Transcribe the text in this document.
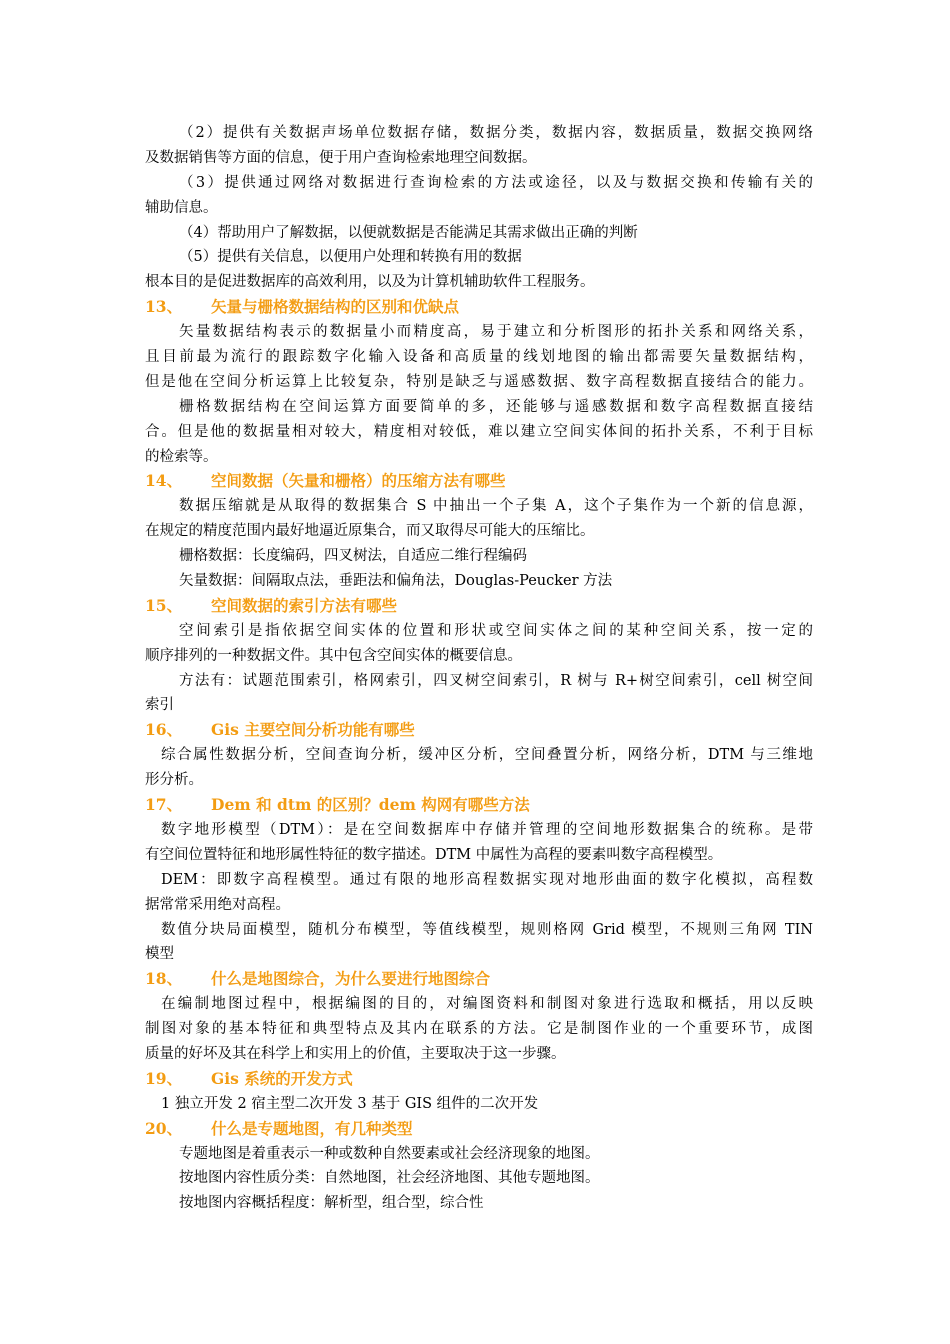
（2）提供有关数据声场单位数据存储，数据分类，数据内容，数据质量，数据交换网络
及数据销售等方面的信息，便于用户查询检索地理空间数据。
（3）提供通过网络对数据进行查询检索的方法或途径，以及与数据交换和传输有关的
辅助信息。
（4）帮助用户了解数据，以便就数据是否能满足其需求做出正确的判断
（5）提供有关信息，以便用户处理和转换有用的数据
根本目的是促进数据库的高效利用，以及为计算机辅助软件工程服务。
13、 矢量与栅格数据结构的区别和优缺点
矢量数据结构表示的数据量小而精度高，易于建立和分析图形的拓扑关系和网络关系，
且目前最为流行的跟踪数字化输入设备和高质量的线划地图的输出都需要矢量数据结构，
但是他在空间分析运算上比较复杂，特别是缺乏与遥感数据、数字高程数据直接结合的能力。
栅格数据结构在空间运算方面要简单的多，还能够与遥感数据和数字高程数据直接结
合。但是他的数据量相对较大，精度相对较低，难以建立空间实体间的拓扑关系，不利于目标
的检索等。
14、 空间数据（矢量和栅格）的压缩方法有哪些
数据压缩就是从取得的数据集合 S 中抽出一个子集 A，这个子集作为一个新的信息源，
在规定的精度范围内最好地逼近原集合，而又取得尽可能大的压缩比。
栅格数据：长度编码，四叉树法，自适应二维行程编码
矢量数据：间隔取点法，垂距法和偏角法，Douglas-Peucker 方法
15、 空间数据的索引方法有哪些
空间索引是指依据空间实体的位置和形状或空间实体之间的某种空间关系，按一定的
顺序排列的一种数据文件。其中包含空间实体的概要信息。
方法有：试题范围索引，格网索引，四叉树空间索引，R 树与 R+树空间索引，cell 树空间
索引
16、 Gis 主要空间分析功能有哪些
综合属性数据分析，空间查询分析，缓冲区分析，空间叠置分析，网络分析，DTM 与三维地
形分析。
17、 Dem 和 dtm 的区别？dem 构网有哪些方法
数字地形模型（DTM）：是在空间数据库中存储并管理的空间地形数据集合的统称。是带
有空间位置特征和地形属性特征的数字描述。DTM 中属性为高程的要素叫数字高程模型。
DEM：即数字高程模型。通过有限的地形高程数据实现对地形曲面的数字化模拟，高程数
据常常采用绝对高程。
数值分块局面模型，随机分布模型，等值线模型，规则格网 Grid 模型，不规则三角网 TIN
模型
18、 什么是地图综合，为什么要进行地图综合
在编制地图过程中，根据编图的目的，对编图资料和制图对象进行选取和概括，用以反映
制图对象的基本特征和典型特点及其内在联系的方法。它是制图作业的一个重要环节，成图
质量的好坏及其在科学上和实用上的价值，主要取决于这一步骤。
19、 Gis 系统的开发方式
1 独立开发 2 宿主型二次开发 3 基于 GIS 组件的二次开发
20、 什么是专题地图，有几种类型
专题地图是着重表示一种或数种自然要素或社会经济现象的地图。
按地图内容性质分类：自然地图，社会经济地图、其他专题地图。
按地图内容概括程度：解析型，组合型，综合性
